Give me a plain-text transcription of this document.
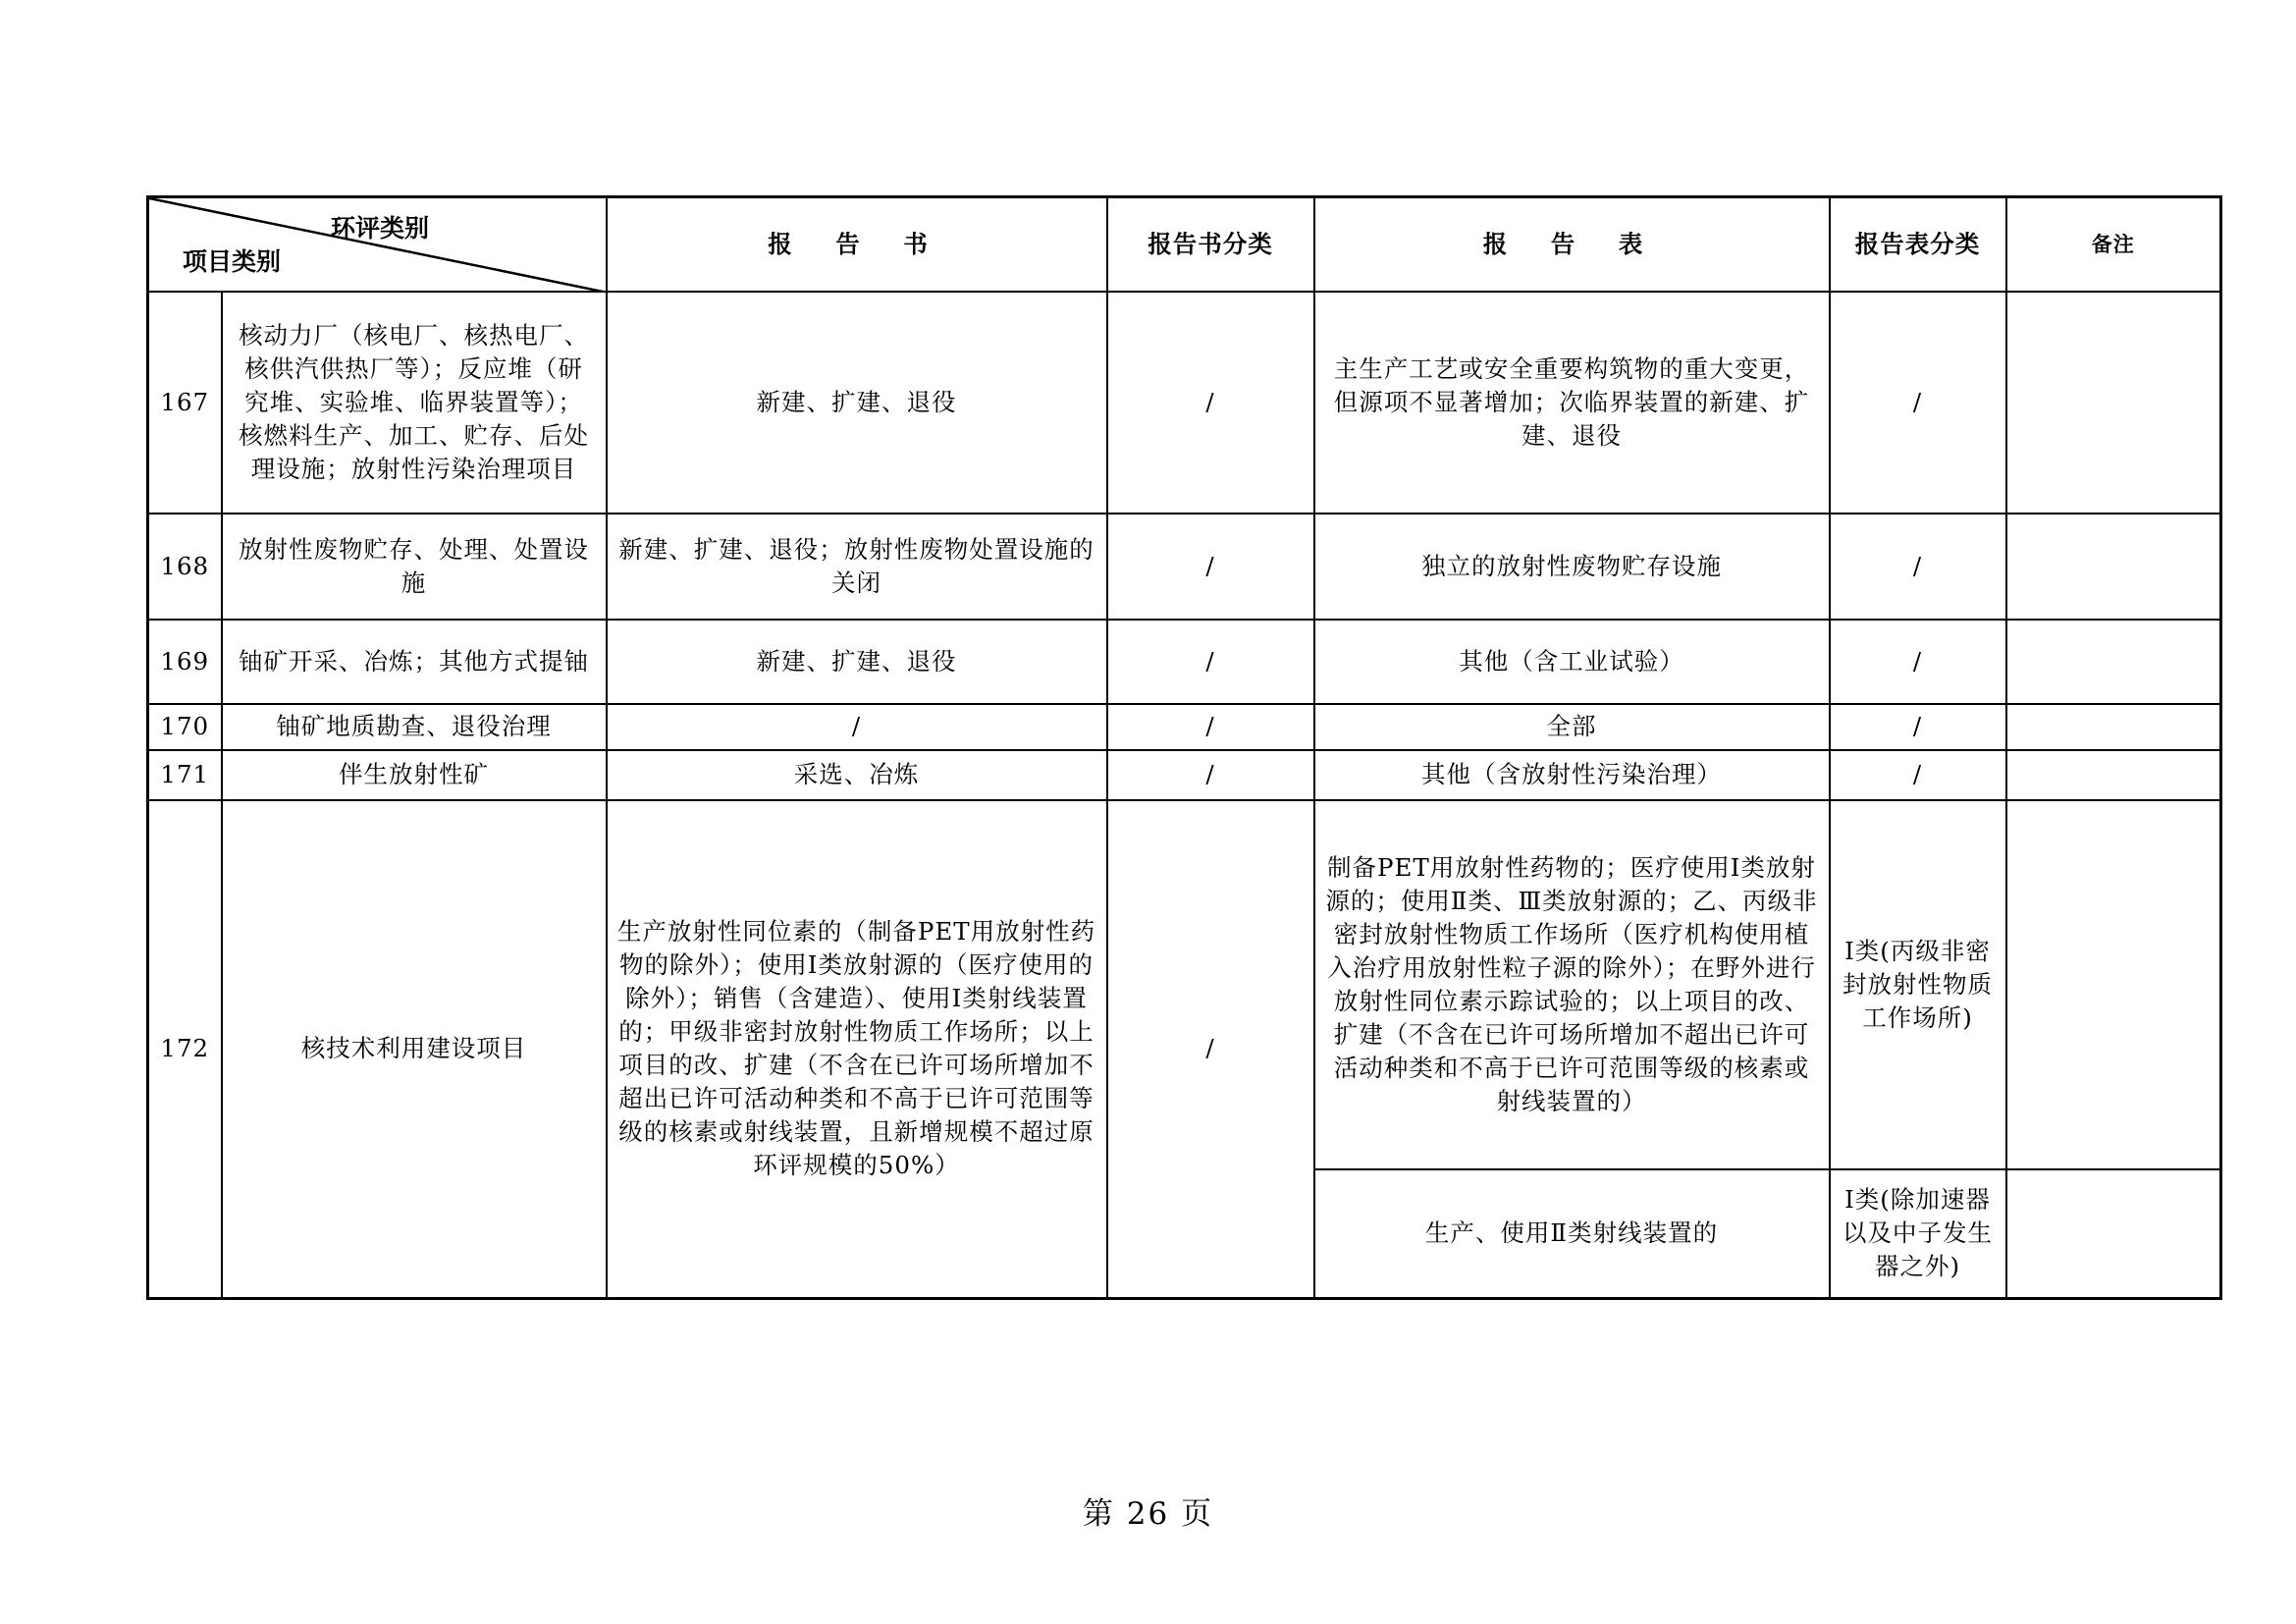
环评类别
项目类别		报 告 书	报告书分类	报 告 表	报告表分类	备注
167	核动力厂（核电厂、核热电厂、核供汽供热厂等）；反应堆（研究堆、实验堆、临界装置等）；核燃料生产、加工、贮存、后处理设施；放射性污染治理项目	新建、扩建、退役	/	主生产工艺或安全重要构筑物的重大变更，但源项不显著增加；次临界装置的新建、扩建、退役	/	
168	放射性废物贮存、处理、处置设施	新建、扩建、退役；放射性废物处置设施的关闭	/	独立的放射性废物贮存设施	/	
169	铀矿开采、冶炼；其他方式提铀	新建、扩建、退役	/	其他（含工业试验）	/	
170	铀矿地质勘查、退役治理	/	/	全部	/	
171	伴生放射性矿	采选、冶炼	/	其他（含放射性污染治理）	/	
172	核技术利用建设项目	生产放射性同位素的（制备PET用放射性药物的除外）；使用I类放射源的（医疗使用的除外）；销售（含建造）、使用I类射线装置的；甲级非密封放射性物质工作场所；以上项目的改、扩建（不含在已许可场所增加不超出已许可活动种类和不高于已许可范围等级的核素或射线装置，且新增规模不超过原环评规模的50%）	/	制备PET用放射性药物的；医疗使用Ⅰ类放射源的；使用Ⅱ类、Ⅲ类放射源的；乙、丙级非密封放射性物质工作场所（医疗机构使用植入治疗用放射性粒子源的除外）；在野外进行放射性同位素示踪试验的；以上项目的改、扩建（不含在已许可场所增加不超出已许可活动种类和不高于已许可范围等级的核素或射线装置的）	Ⅰ类(丙级非密封放射性物质工作场所)	
				生产、使用Ⅱ类射线装置的	Ⅰ类(除加速器以及中子发生器之外)	
第 26 页
